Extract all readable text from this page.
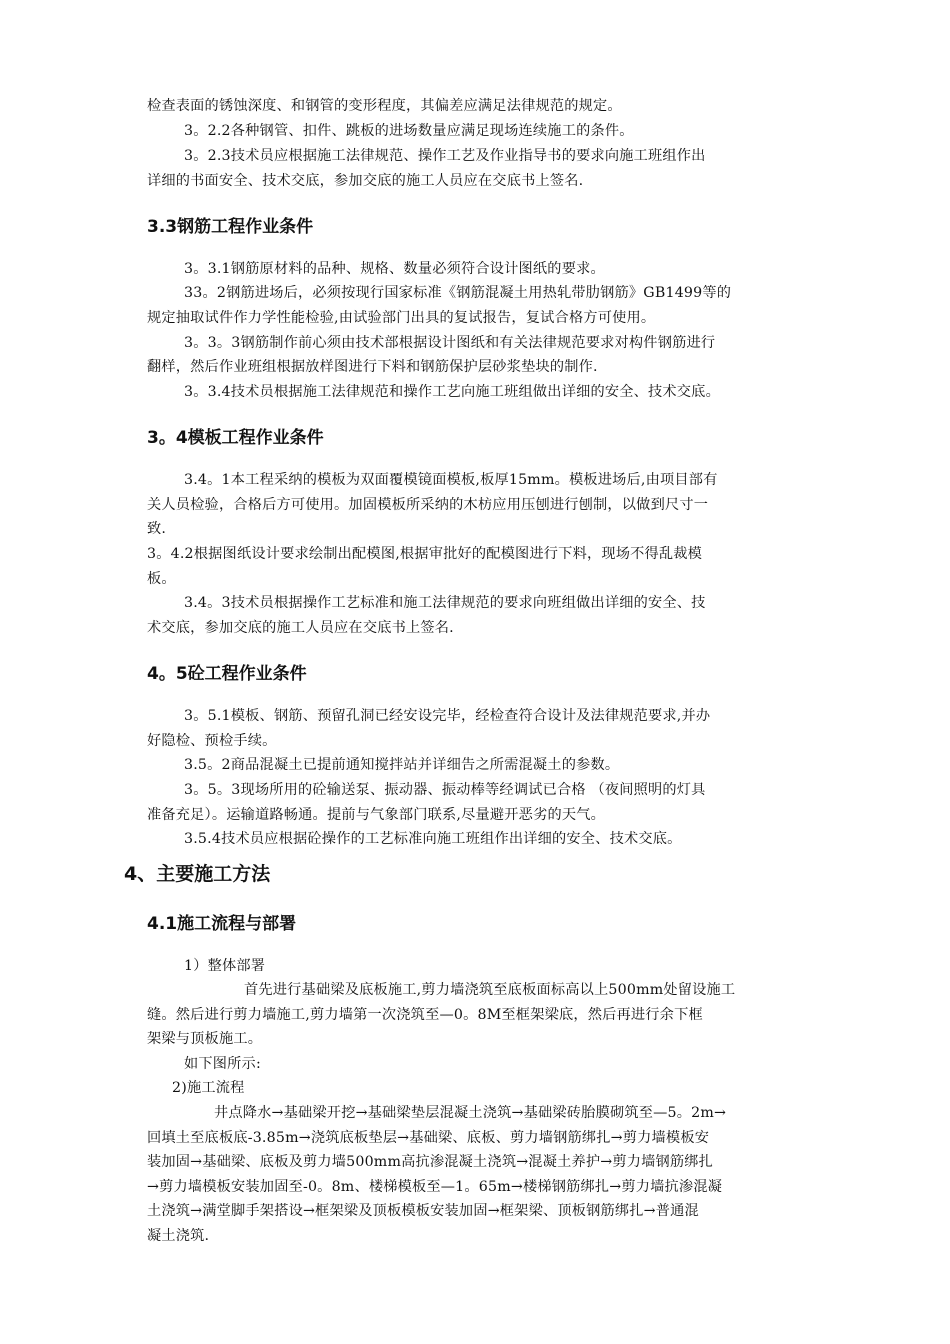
检查表面的锈蚀深度、和钢管的变形程度，其偏差应满足法律规范的规定。
3。2.2各种钢管、扣件、跳板的进场数量应满足现场连续施工的条件。
3。2.3技术员应根据施工法律规范、操作工艺及作业指导书的要求向施工班组作出
详细的书面安全、技术交底，参加交底的施工人员应在交底书上签名.
3.3钢筋工程作业条件
3。3.1钢筋原材料的品种、规格、数量必须符合设计图纸的要求。
33。2钢筋进场后，必须按现行国家标准《钢筋混凝土用热轧带肋钢筋》GB1499等的
规定抽取试件作力学性能检验,由试验部门出具的复试报告，复试合格方可使用。
3。3。3钢筋制作前心须由技术部根据设计图纸和有关法律规范要求对构件钢筋进行
翻样，然后作业班组根据放样图进行下料和钢筋保护层砂浆垫块的制作.
3。3.4技术员根据施工法律规范和操作工艺向施工班组做出详细的安全、技术交底。
3。4模板工程作业条件
3.4。1本工程采纳的模板为双面覆模镜面模板,板厚15mm。模板进场后,由项目部有
关人员检验，合格后方可使用。加固模板所采纳的木枋应用压刨进行刨制，以做到尺寸一
致.
3。4.2根据图纸设计要求绘制出配模图,根据审批好的配模图进行下料，现场不得乱裁模
板。
3.4。3技术员根据操作工艺标准和施工法律规范的要求向班组做出详细的安全、技
术交底，参加交底的施工人员应在交底书上签名.
4。5砼工程作业条件
3。5.1模板、钢筋、预留孔洞已经安设完毕，经检查符合设计及法律规范要求,并办
好隐检、预检手续。
3.5。2商品混凝土已提前通知搅拌站并详细告之所需混凝土的参数。
3。5。3现场所用的砼输送泵、振动器、振动棒等经调试已合格 （夜间照明的灯具
准备充足）。运输道路畅通。提前与气象部门联系,尽量避开恶劣的天气。
3.5.4技术员应根据砼操作的工艺标准向施工班组作出详细的安全、技术交底。
4、主要施工方法
4.1施工流程与部署
1）整体部署
首先进行基础梁及底板施工,剪力墙浇筑至底板面标高以上500mm处留设施工
缝。然后进行剪力墙施工,剪力墙第一次浇筑至—0。8M至框架梁底，然后再进行余下框
架梁与顶板施工。
如下图所示:
2)施工流程
井点降水→基础梁开挖→基础梁垫层混凝土浇筑→基础梁砖胎膜砌筑至—5。2m→
回填土至底板底-3.85m→浇筑底板垫层→基础梁、底板、剪力墙钢筋绑扎→剪力墙模板安
装加固→基础梁、底板及剪力墙500mm高抗渗混凝土浇筑→混凝土养护→剪力墙钢筋绑扎
→剪力墙模板安装加固至-0。8m、楼梯模板至—1。65m→楼梯钢筋绑扎→剪力墙抗渗混凝
土浇筑→满堂脚手架搭设→框架梁及顶板模板安装加固→框架梁、顶板钢筋绑扎→普通混
凝土浇筑.
